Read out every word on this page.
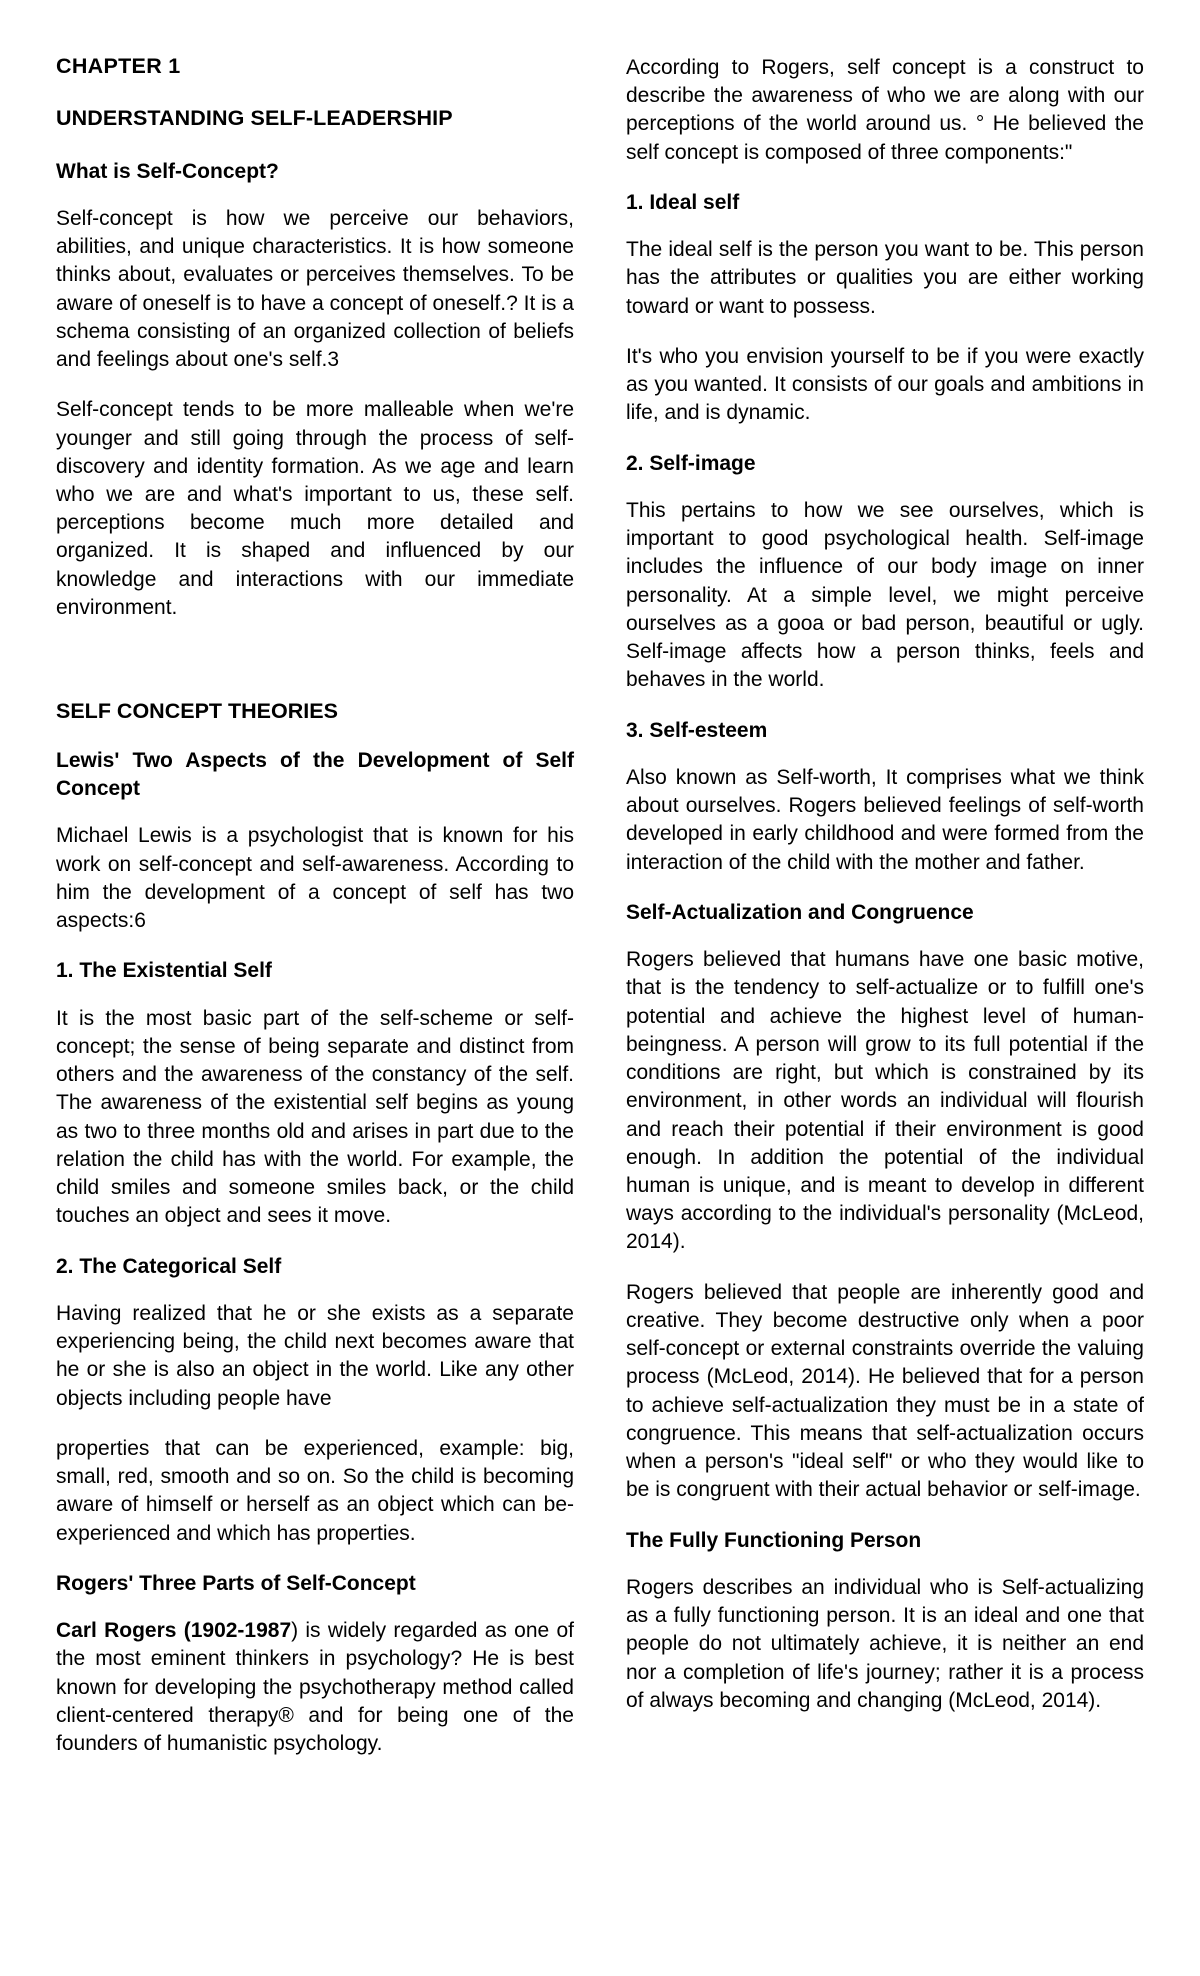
CHAPTER 1
UNDERSTANDING SELF-LEADERSHIP
What is Self-Concept?

Self-concept is how we perceive our behaviors, abilities, and unique characteristics. It is how someone thinks about, evaluates or perceives themselves. To be aware of oneself is to have a concept of oneself.? It is a schema consisting of an organized collection of beliefs and feelings about one's self.3

Self-concept tends to be more malleable when we're younger and still going through the process of self-discovery and identity formation. As we age and learn who we are and what's important to us, these self. perceptions become much more detailed and organized. It is shaped and influenced by our knowledge and interactions with our immediate environment.

SELF CONCEPT THEORIES
Lewis' Two Aspects of the Development of Self Concept

Michael Lewis is a psychologist that is known for his work on self-concept and self-awareness. According to him the development of a concept of self has two aspects:6

1. The Existential Self

It is the most basic part of the self-scheme or self-concept; the sense of being separate and distinct from others and the awareness of the constancy of the self. The awareness of the existential self begins as young as two to three months old and arises in part due to the relation the child has with the world. For example, the child smiles and someone smiles back, or the child touches an object and sees it move.

2. The Categorical Self

Having realized that he or she exists as a separate experiencing being, the child next becomes aware that he or she is also an object in the world. Like any other objects including people have

properties that can be experienced, example: big, small, red, smooth and so on. So the child is becoming aware of himself or herself as an object which can be-experienced and which has properties.

Rogers' Three Parts of Self-Concept

Carl Rogers (1902-1987) is widely regarded as one of the most eminent thinkers in psychology? He is best known for developing the psychotherapy method called client-centered therapy® and for being one of the founders of humanistic psychology.

According to Rogers, self concept is a construct to describe the awareness of who we are along with our perceptions of the world around us. ° He believed the self concept is composed of three components:"

1. Ideal self

The ideal self is the person you want to be. This person has the attributes or qualities you are either working toward or want to possess.

It's who you envision yourself to be if you were exactly as you wanted. It consists of our goals and ambitions in life, and is dynamic.

2. Self-image

This pertains to how we see ourselves, which is important to good psychological health. Self-image includes the influence of our body image on inner personality. At a simple level, we might perceive ourselves as a gooa or bad person, beautiful or ugly. Self-image affects how a person thinks, feels and behaves in the world.

3. Self-esteem

Also known as Self-worth, It comprises what we think about ourselves. Rogers believed feelings of self-worth developed in early childhood and were formed from the interaction of the child with the mother and father.

Self-Actualization and Congruence

Rogers believed that humans have one basic motive, that is the tendency to self-actualize or to fulfill one's potential and achieve the highest level of human-beingness. A person will grow to its full potential if the conditions are right, but which is constrained by its environment, in other words an individual will flourish and reach their potential if their environment is good enough. In addition the potential of the individual human is unique, and is meant to develop in different ways according to the individual's personality (McLeod, 2014).

Rogers believed that people are inherently good and creative. They become destructive only when a poor self-concept or external constraints override the valuing process (McLeod, 2014). He believed that for a person to achieve self-actualization they must be in a state of congruence. This means that self-actualization occurs when a person's "ideal self" or who they would like to be is congruent with their actual behavior or self-image.

The Fully Functioning Person

Rogers describes an individual who is Self-actualizing as a fully functioning person. It is an ideal and one that people do not ultimately achieve, it is neither an end nor a completion of life's journey; rather it is a process of always becoming and changing (McLeod, 2014).
